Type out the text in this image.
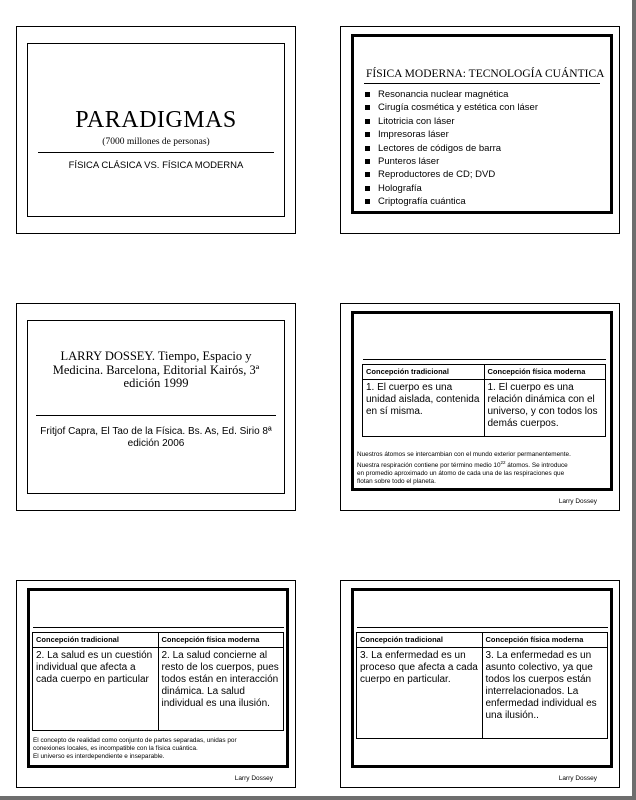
PARADIGMAS
(7000 millones de personas)
FÍSICA CLÁSICA VS. FÍSICA MODERNA
FÍSICA MODERNA: TECNOLOGÍA CUÁNTICA
Resonancia nuclear magnética
Cirugía cosmética y estética con láser
Litotricia con láser
Impresoras láser
Lectores de códigos de barra
Punteros láser
Reproductores de CD; DVD
Holografía
Criptografía cuántica
LARRY DOSSEY. Tiempo, Espacio y Medicina. Barcelona, Editorial Kairós, 3ª edición 1999
Fritjof Capra, El Tao de la Física. Bs. As, Ed. Sirio 8ª edición 2006

Concepción tradicional	Concepción física moderna
1. El cuerpo es una unidad aislada, contenida en sí misma.	1. El cuerpo es una relación dinámica con el universo, y con todos los demás cuerpos.
Nuestros átomos se intercambian con el mundo exterior permanentemente.
Nuestra respiración contiene por término medio $10^{22}$ átomos. Se introduce
en promedio aproximado un átomo de cada una de las respiraciones que
flotan sobre todo el planeta.
Larry Dossey

Concepción tradicional	Concepción física moderna
2. La salud es un cuestión individual que afecta a cada cuerpo en particular	2. La salud concierne al resto de los cuerpos, pues todos están en interacción dinámica. La salud individual es una ilusión.
El concepto de realidad como conjunto de partes separadas, unidas por
conexiones locales, es incompatible con la física cuántica.
El universo es interdependiente e inseparable.
Larry Dossey

Concepción tradicional	Concepción física moderna
3. La enfermedad es un proceso que afecta a cada cuerpo en particular.	3. La enfermedad es un asunto colectivo, ya que todos los cuerpos están interrelacionados. La enfermedad individual es una ilusión..
Larry Dossey
